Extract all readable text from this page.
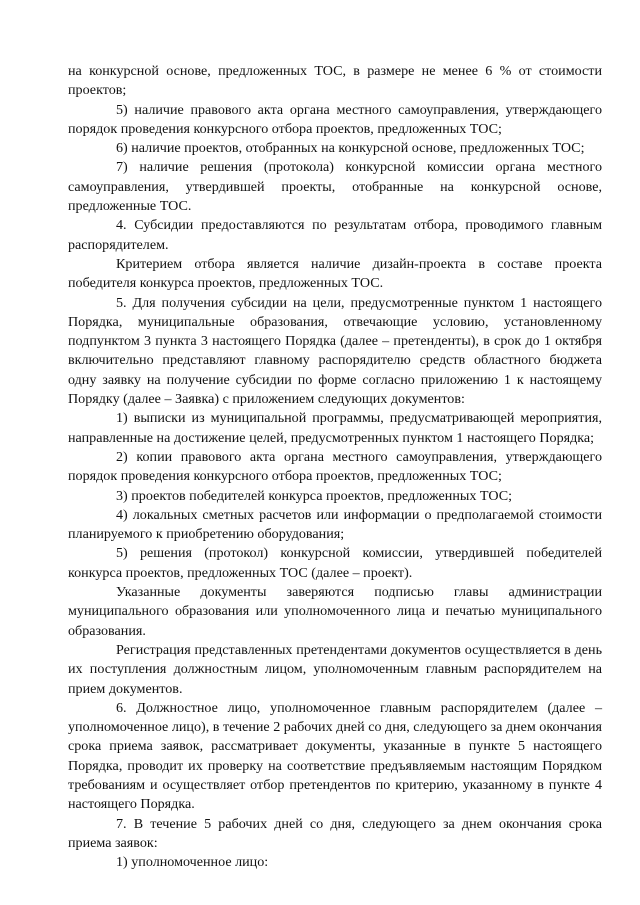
на конкурсной основе, предложенных ТОС, в размере не менее 6 % от стоимости проектов;

5) наличие правового акта органа местного самоуправления, утверждающего порядок проведения конкурсного отбора проектов, предложенных ТОС;

6) наличие проектов, отобранных на конкурсной основе, предложенных ТОС;

7) наличие решения (протокола) конкурсной комиссии органа местного самоуправления, утвердившей проекты, отобранные на конкурсной основе, предложенные ТОС.

4. Субсидии предоставляются по результатам отбора, проводимого главным распорядителем.

Критерием отбора является наличие дизайн-проекта в составе проекта победителя конкурса проектов, предложенных ТОС.

5. Для получения субсидии на цели, предусмотренные пунктом 1 настоящего Порядка, муниципальные образования, отвечающие условию, установленному подпунктом 3 пункта 3 настоящего Порядка (далее – претенденты), в срок до 1 октября включительно представляют главному распорядителю средств областного бюджета одну заявку на получение субсидии по форме согласно приложению 1 к настоящему Порядку (далее – Заявка) с приложением следующих документов:

1) выписки из муниципальной программы, предусматривающей мероприятия, направленные на достижение целей, предусмотренных пунктом 1 настоящего Порядка;

2) копии правового акта органа местного самоуправления, утверждающего порядок проведения конкурсного отбора проектов, предложенных ТОС;

3) проектов победителей конкурса проектов, предложенных ТОС;

4) локальных сметных расчетов или информации о предполагаемой стоимости планируемого к приобретению оборудования;

5) решения (протокол) конкурсной комиссии, утвердившей победителей конкурса проектов, предложенных ТОС (далее – проект).

Указанные документы заверяются подписью главы администрации муниципального образования или уполномоченного лица и печатью муниципального образования.

Регистрация представленных претендентами документов осуществляется в день их поступления должностным лицом, уполномоченным главным распорядителем на прием документов.

6. Должностное лицо, уполномоченное главным распорядителем (далее – уполномоченное лицо), в течение 2 рабочих дней со дня, следующего за днем окончания срока приема заявок, рассматривает документы, указанные в пункте 5 настоящего Порядка, проводит их проверку на соответствие предъявляемым настоящим Порядком требованиям и осуществляет отбор претендентов по критерию, указанному в пункте 4 настоящего Порядка.

7. В течение 5 рабочих дней со дня, следующего за днем окончания срока приема заявок:

1) уполномоченное лицо:
